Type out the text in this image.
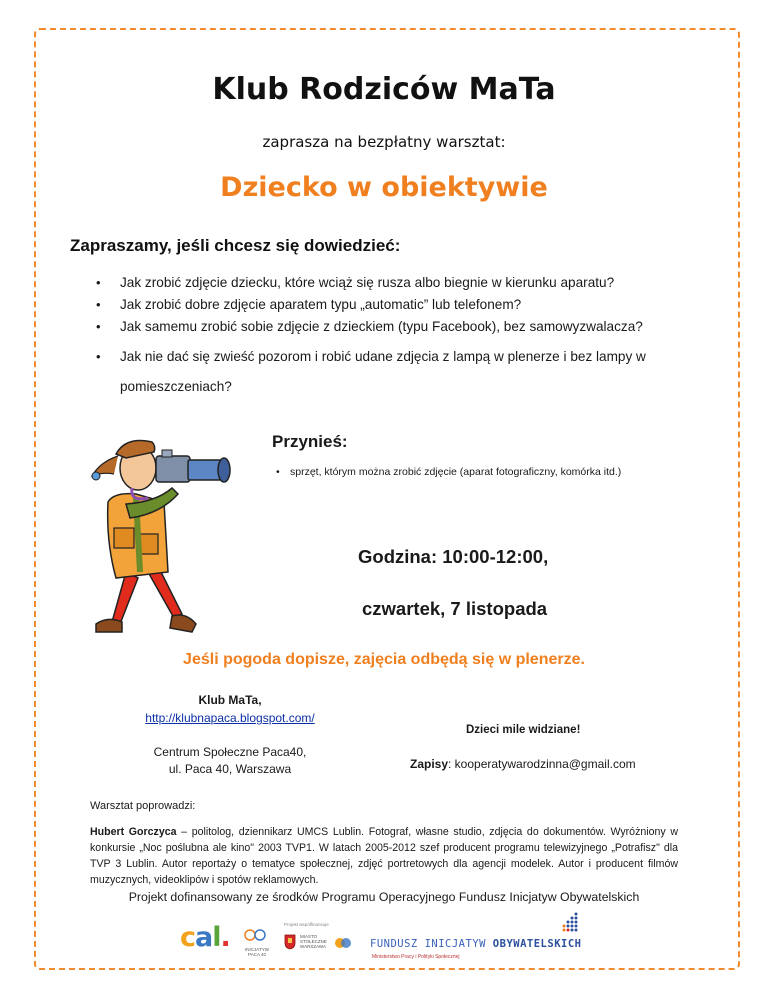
Klub Rodziców MaTa
zaprasza na bezpłatny warsztat:
Dziecko w obiektywie
Zapraszamy, jeśli chcesz się dowiedzieć:
• Jak zrobić zdjęcie dziecku, które wciąż się rusza albo biegnie w kierunku aparatu?
• Jak zrobić dobre zdjęcie aparatem typu „automatic” lub telefonem?
• Jak samemu zrobić sobie zdjęcie z dzieckiem (typu Facebook), bez samowyzwalacza?
• Jak nie dać się zwieść pozorom i robić udane zdjęcia z lampą w plenerze i bez lampy w pomieszczeniach?
Przynieś:
• sprzęt, którym można zrobić zdjęcie (aparat fotograficzny, komórka itd.)
Godzina: 10:00-12:00,
czwartek, 7 listopada
Jeśli pogoda dopisze, zajęcia odbędą się w plenerze.
Klub MaTa,
http://klubnapaca.blogspot.com/
Centrum Społeczne Paca40,
ul. Paca 40, Warszawa
Dzieci mile widziane!
Zapisy: kooperatywarodzinna@gmail.com
Warsztat poprowadzi:
Hubert Gorczyca – politolog, dziennikarz UMCS Lublin. Fotograf, własne studio, zdjęcia do dokumentów. Wyróżniony w konkursie „Noc poślubna ale kino" 2003 TVP1. W latach 2005-2012 szef producent programu telewizyjnego „Potrafisz" dla TVP 3 Lublin. Autor reportaży o tematyce społecznej, zdjęć portretowych dla agencji modelek. Autor i producent filmów muzycznych, videoklipów i spotów reklamowych.
Projekt dofinansowany ze środków Programu Operacyjnego Fundusz Inicjatyw Obywatelskich
cal.	INICJATYW PACA 40
Projekt współfinansuje
MIASTO STOŁECZNE WARSZAWA	FUNDUSZ INICJATYW OBYWATELSKICH
Ministerstwo Pracy i Polityki Społecznej
